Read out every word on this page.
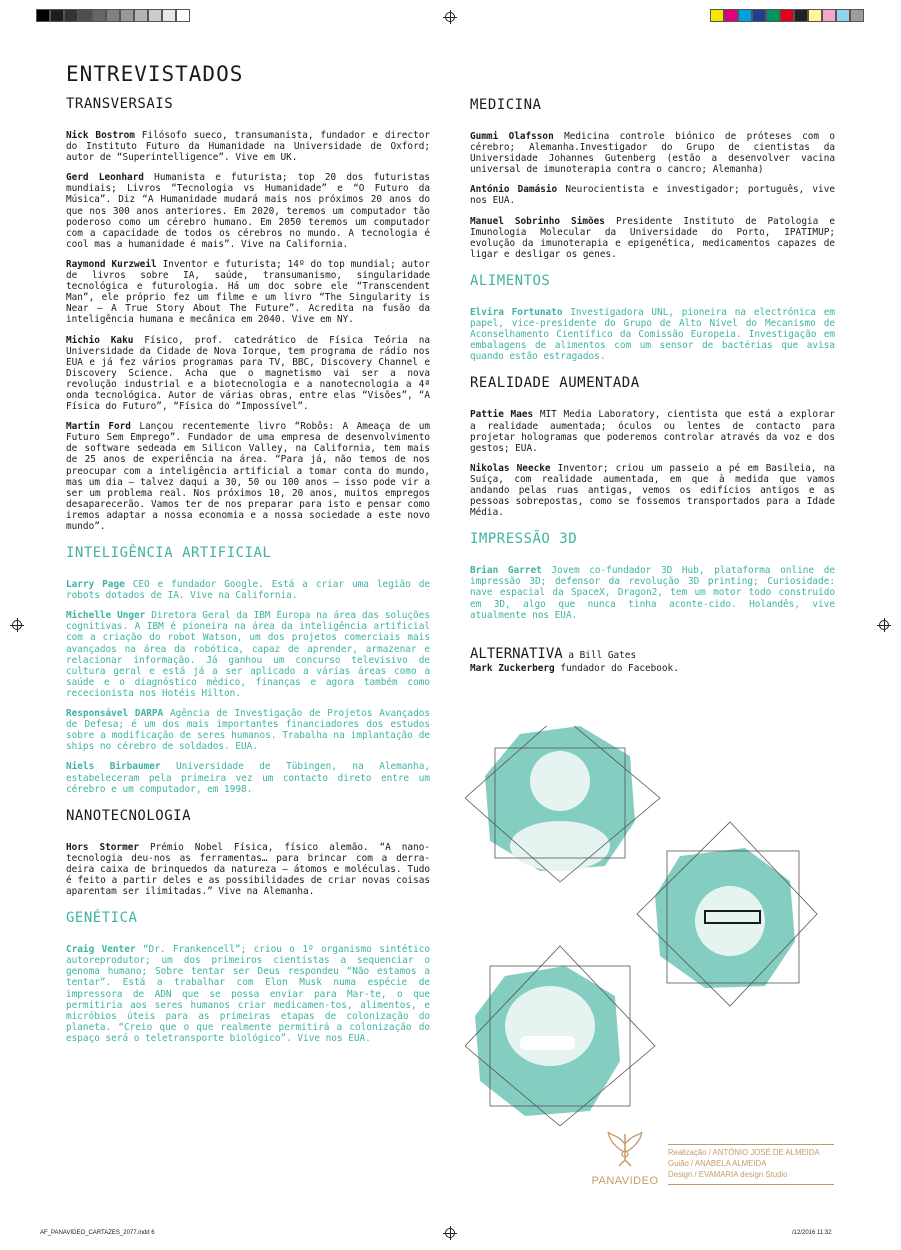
ENTREVISTADOS
TRANSVERSAIS

Nick Bostrom Filósofo sueco, transumanista, fundador e director do Instituto Futuro da Humanidade na Universidade de Oxford; autor de “Superintelligence”. Vive em UK.

Gerd Leonhard Humanista e futurista; top 20 dos futuristas mundiais; Livros “Tecnologia vs Humanidade” e “O Futuro da Música”. Diz “A Humanidade mudará mais nos próximos 20 anos do que nos 300 anos anteriores. Em 2020, teremos um computador tão poderoso como um cérebro humano. Em 2050 teremos um computador com a capacidade de todos os cérebros no mundo. A tecnologia é cool mas a humanidade é mais”. Vive na California.

Raymond Kurzweil Inventor e futurista; 14º do top mundial; autor de livros sobre IA, saúde, transumanismo, singularidade tecnológica e futurologia. Há um doc sobre ele “Transcendent Man”, ele próprio fez um filme e um livro “The Singularity is Near – A True Story About The Future”. Acredita na fusão da inteligência humana e mecânica em 2040. Vive em NY.

Michio Kaku Físico, prof. catedrático de Física Teória na Universidade da Cidade de Nova Iorque, tem programa de rádio nos EUA e já fez vários programas para TV, BBC, Discovery Channel e Discovery Science. Acha que o magnetismo vai ser a nova revolução industrial e a biotecnologia e a nanotecnologia a 4ª onda tecnológica. Autor de várias obras, entre elas “Visões”, “A Física do Futuro”, “Física do “Impossível”.

Martin Ford Lançou recentemente livro “Robôs: A Ameaça de um Futuro Sem Emprego”. Fundador de uma empresa de desenvolvimento de software sedeada em Silicon Valley, na California, tem mais de 25 anos de experiência na área. “Para já, não temos de nos preocupar com a inteligência artificial a tomar conta do mundo, mas um dia – talvez daqui a 30, 50 ou 100 anos – isso pode vir a ser um problema real. Nos próximos 10, 20 anos, muitos empregos desaparecerão. Vamos ter de nos preparar para isto e pensar como iremos adaptar a nossa economia e a nossa sociedade a este novo mundo”.

INTELIGÊNCIA ARTIFICIAL

Larry Page CEO e fundador Google. Está a criar uma legião de robots dotados de IA. Vive na California.

Michelle Unger Diretora Geral da IBM Europa na área das soluções cognitivas. A IBM é pioneira na área da inteligência artificial com a criação do robot Watson, um dos projetos comerciais mais avançados na área da robótica, capaz de aprender, armazenar e relacionar informação. Já ganhou um concurso televisivo de cultura geral e está já a ser aplicado a várias áreas como a saúde e o diagnóstico médico, finanças e agora também como rececionista nos Hotéis Hilton.

Responsável DARPA Agência de Investigação de Projetos Avançados de Defesa; é um dos mais importantes financiadores dos estudos sobre a modificação de seres humanos. Trabalha na implantação de ships no cérebro de soldados. EUA.

Niels Birbaumer Universidade de Tübingen, na Alemanha, estabeleceram pela primeira vez um contacto direto entre um cérebro e um computador, em 1998.

NANOTECNOLOGIA

Hors Stormer Prémio Nobel Física, físico alemão. “A nano-tecnologia deu-nos as ferramentas… para brincar com a derra-deira caixa de brinquedos da natureza – átomos e moléculas. Tudo é feito a partir deles e as possibilidades de criar novas coisas aparentam ser ilimitadas.” Vive na Alemanha.

GENÉTICA

Craig Venter “Dr. Frankencell”; criou o 1º organismo sintético autoreprodutor; um dos primeiros cientistas a sequenciar o genoma humano; Sobre tentar ser Deus respondeu “Não estamos a tentar”. Está a trabalhar com Elon Musk numa espécie de impressora de ADN que se possa enviar para Mar-te, o que permitiria aos seres humanos criar medicamen-tos, alimentos, e micróbios úteis para as primeiras etapas de colonização do planeta. “Creio que o que realmente permitirá a colonização do espaço será o teletransporte biológico”. Vive nos EUA.

MEDICINA

Gummi Olafsson Medicina controle biónico de próteses com o cérebro; Alemanha.Investigador do Grupo de cientistas da Universidade Johannes Gutenberg (estão a desenvolver vacina universal de imunoterapia contra o cancro; Alemanha)

António Damásio Neurocientista e investigador; português, vive nos EUA.

Manuel Sobrinho Simões Presidente Instituto de Patologia e Imunologia Molecular da Universidade do Porto, IPATIMUP; evolução da imunoterapia e epigenética, medicamentos capazes de ligar e desligar os genes.

ALIMENTOS

Elvira Fortunato Investigadora UNL, pioneira na electrónica em papel, vice-presidente do Grupo de Alto Nível do Mecanismo de Aconselhamento Científico da Comissão Europeia. Investigação em embalagens de alimentos com um sensor de bactérias que avisa quando estão estragados.

REALIDADE AUMENTADA

Pattie Maes MIT Media Laboratory, cientista que está a explorar a realidade aumentada; óculos ou lentes de contacto para projetar hologramas que poderemos controlar através da voz e dos gestos; EUA.

Nikolas Neecke Inventor; criou um passeio a pé em Basileia, na Suíça, com realidade aumentada, em que à medida que vamos andando pelas ruas antigas, vemos os edifícios antigos e as pessoas sobrepostas, como se fossemos transportados para a Idade Média.

IMPRESSÃO 3D

Brian Garret Jovem co-fundador 3D Hub, plataforma online de impressão 3D; defensor da revolução 3D printing; Curiosidade: nave espacial da SpaceX, Dragon2, tem um motor todo construído em 3D, algo que nunca tinha aconte-cido. Holandês, vive atualmente nos EUA.

ALTERNATIVA a Bill Gates

Mark Zuckerberg fundador do Facebook.

PANAVIDEO
Realização / ANTÓNIO JOSÉ DE ALMEIDA
Guião / ANABELA ALMEIDA
Design / EVAMARIA design Studio
AF_PANAVIDEO_CARTAZES_2077.indd 6	/12/2016 11:32
